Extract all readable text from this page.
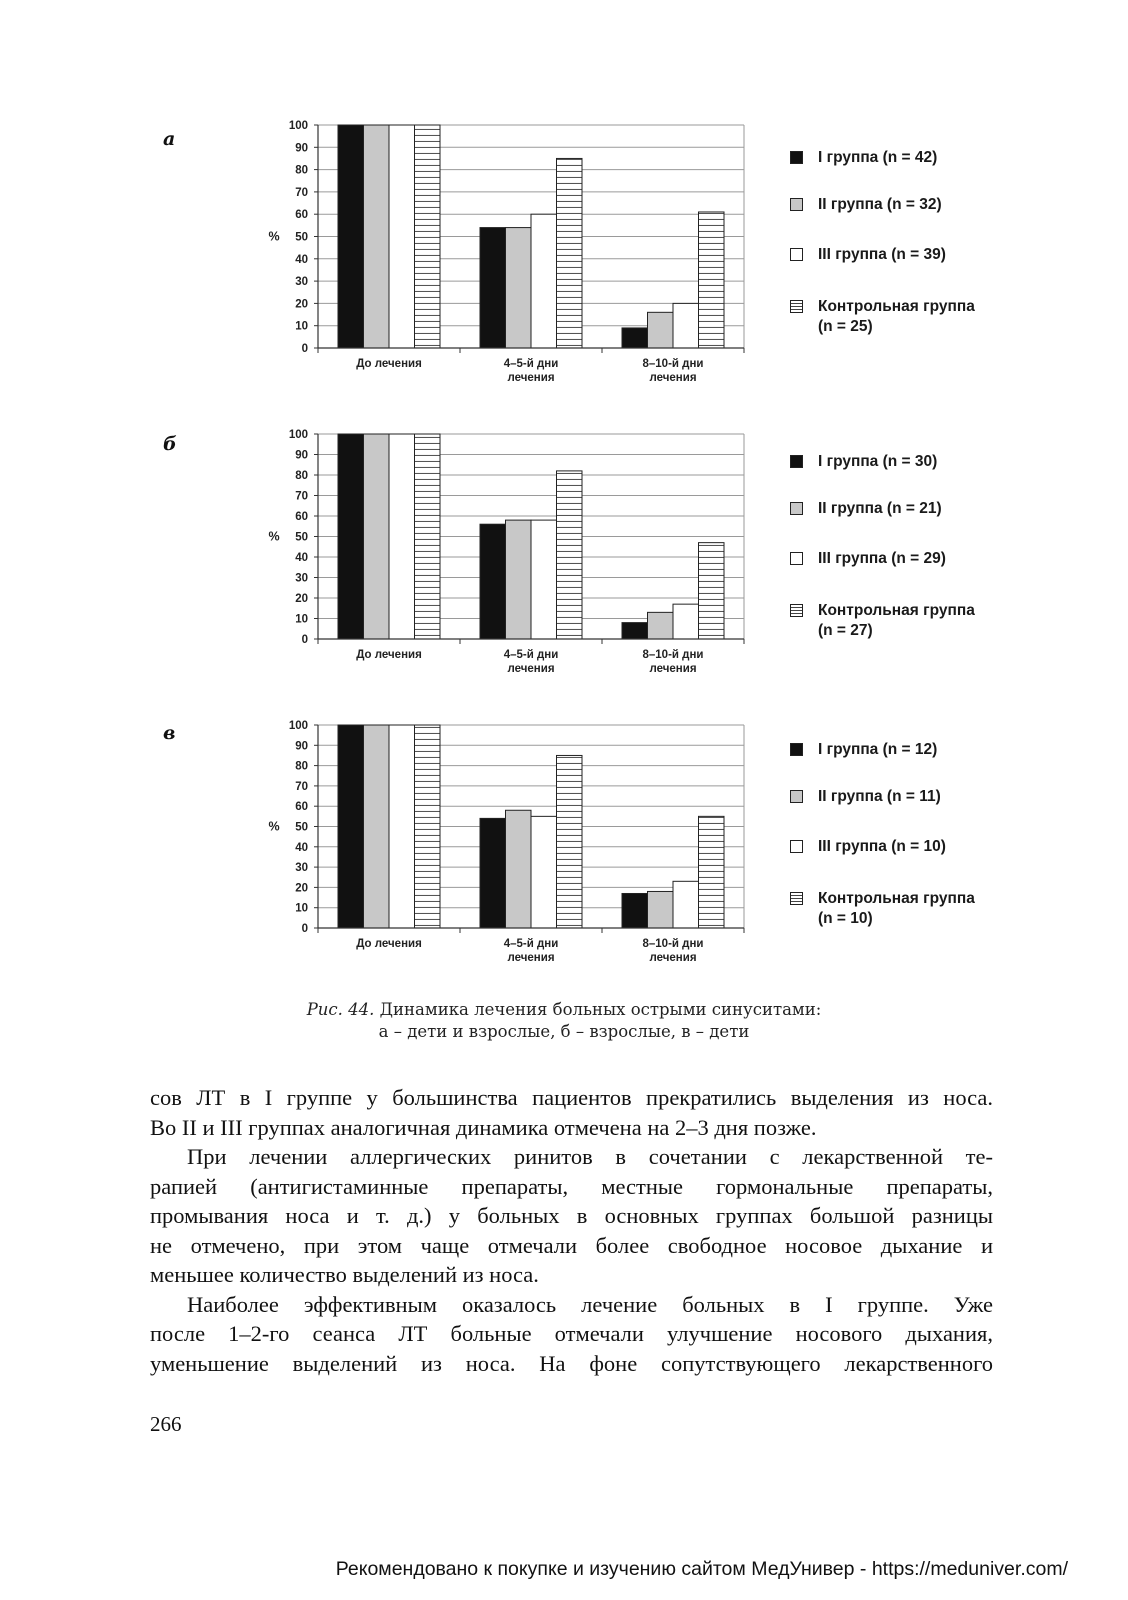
а
б
в
0
10
20
30
40
50
60
70
80
90
100
%
До лечения	4–5-й дни
лечения
8–10-й дни
лечения
0
10
20
30
40
50
60
70
80
90
100
%
До лечения	4–5-й дни
лечения
8–10-й дни
лечения
0
10
20
30
40
50
60
70
80
90
100
%
До лечения	4–5-й дни
лечения
8–10-й дни
лечения
I группа (n = 42)
II группа (n = 32)
III группа (n = 39)
Контрольная группа
(n = 25)
I группа (n = 30)
II группа (n = 21)
III группа (n = 29)
Контрольная группа
(n = 27)
I группа (n = 12)
II группа (n = 11)
III группа (n = 10)
Контрольная группа
(n = 10)
Рис. 44. Динамика лечения больных острыми синуситами:
а – дети и взрослые, б – взрослые, в – дети

сов ЛТ в I группе у большинства пациентов прекратились выделения из носа.

Во II и III группах аналогичная динамика отмечена на 2–3 дня позже.

При лечении аллергических ринитов в сочетании с лекарственной те-

рапией (антигистаминные препараты, местные гормональные препараты,

промывания носа и т. д.) у больных в основных группах большой разницы

не отмечено, при этом чаще отмечали более свободное носовое дыхание и

меньшее количество выделений из носа.

Наиболее эффективным оказалось лечение больных в I группе. Уже

после 1–2-го сеанса ЛТ больные отмечали улучшение носового дыхания,

уменьшение выделений из носа. На фоне сопутствующего лекарственного

266
Рекомендовано к покупке и изучению сайтом МедУнивер - https://meduniver.com/
